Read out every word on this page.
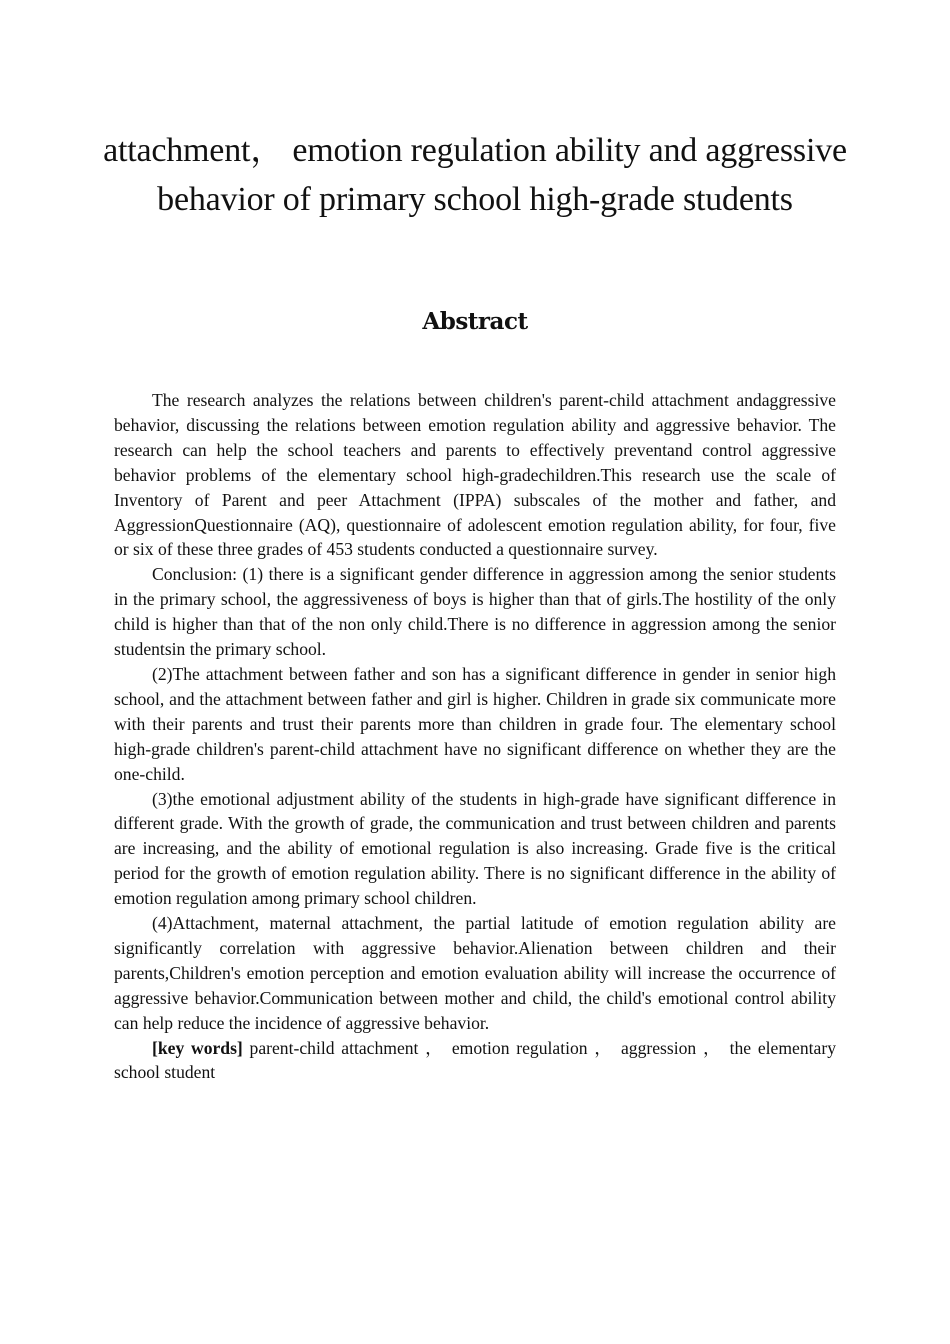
attachment， emotion regulation ability and aggressive behavior of primary school high-grade students
Abstract

The research analyzes the relations between children's parent-child attachment andaggressive behavior, discussing the relations between emotion regulation ability and aggressive behavior. The research can help the school teachers and parents to effectively preventand control aggressive behavior problems of the elementary school high-gradechildren.This research use the scale of Inventory of Parent and peer Attachment (IPPA) subscales of the mother and father, and AggressionQuestionnaire (AQ), questionnaire of adolescent emotion regulation ability, for four, five or six of these three grades of 453 students conducted a questionnaire survey.

Conclusion: (1) there is a significant gender difference in aggression among the senior students in the primary school, the aggressiveness of boys is higher than that of girls.The hostility of the only child is higher than that of the non only child.There is no difference in aggression among the senior studentsin the primary school.

(2)The attachment between father and son has a significant difference in gender in senior high school, and the attachment between father and girl is higher. Children in grade six communicate more with their parents and trust their parents more than children in grade four. The elementary school high-grade children's parent-child attachment have no significant difference on whether they are the one-child.

(3)the emotional adjustment ability of the students in high-grade have significant difference in different grade. With the growth of grade, the communication and trust between children and parents are increasing, and the ability of emotional regulation is also increasing. Grade five is the critical period for the growth of emotion regulation ability. There is no significant difference in the ability of emotion regulation among primary school children.

(4)Attachment, maternal attachment, the partial latitude of emotion regulation ability are significantly correlation with aggressive behavior.Alienation between children and their parents,Children's emotion perception and emotion evaluation ability will increase the occurrence of aggressive behavior.Communication between mother and child, the child's emotional control ability can help reduce the incidence of aggressive behavior.

[key words] parent-child attachment ， emotion regulation ， aggression ， the elementary school student
